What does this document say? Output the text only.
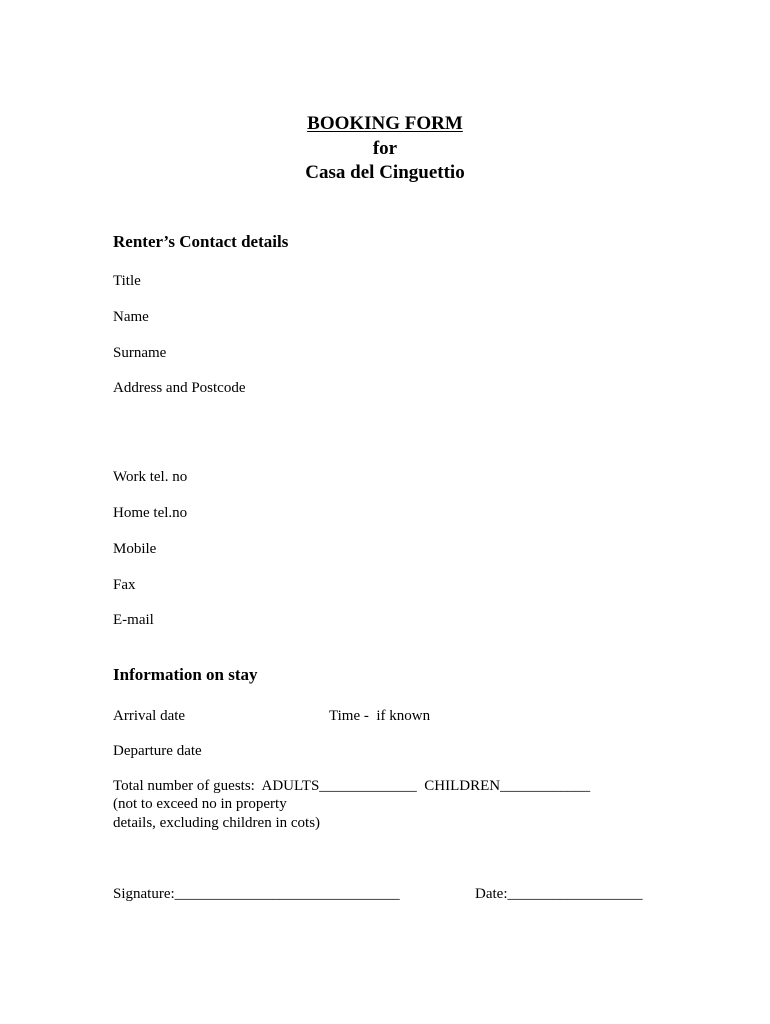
BOOKING FORM
for
Casa del Cinguettio
Renter’s Contact details
Title
Name
Surname
Address and Postcode
Work tel. no
Home tel.no
Mobile
Fax
E-mail
Information on stay
Arrival date	Time -  if known
Departure date
Total number of guests:  ADULTS_____________  CHILDREN____________
(not to exceed no in property
details, excluding children in cots)
Signature:______________________________	Date:__________________
